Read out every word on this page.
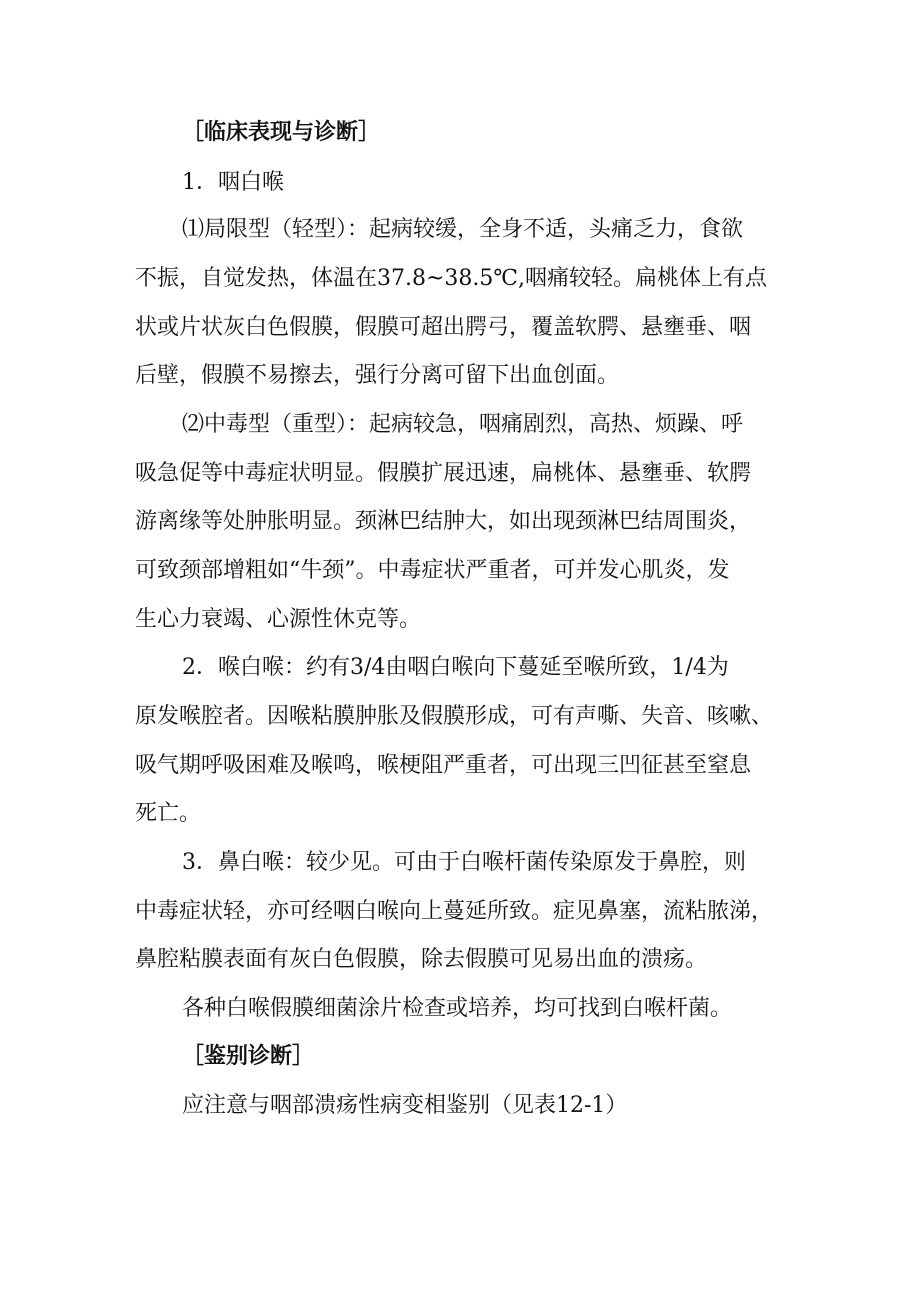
［临床表现与诊断］
1．咽白喉
⑴局限型（轻型）：起病较缓，全身不适，头痛乏力，食欲
不振，自觉发热，体温在37.8~38.5℃,咽痛较轻。扁桃体上有点
状或片状灰白色假膜，假膜可超出腭弓，覆盖软腭、悬壅垂、咽
后壁，假膜不易擦去，强行分离可留下出血创面。
⑵中毒型（重型）：起病较急，咽痛剧烈，高热、烦躁、呼
吸急促等中毒症状明显。假膜扩展迅速，扁桃体、悬壅垂、软腭
游离缘等处肿胀明显。颈淋巴结肿大，如出现颈淋巴结周围炎，
可致颈部增粗如“牛颈”。中毒症状严重者，可并发心肌炎，发
生心力衰竭、心源性休克等。
2．喉白喉：约有3/4由咽白喉向下蔓延至喉所致，1/4为
原发喉腔者。因喉粘膜肿胀及假膜形成，可有声嘶、失音、咳嗽、
吸气期呼吸困难及喉鸣，喉梗阻严重者，可出现三凹征甚至窒息
死亡。
3．鼻白喉：较少见。可由于白喉杆菌传染原发于鼻腔，则
中毒症状轻，亦可经咽白喉向上蔓延所致。症见鼻塞，流粘脓涕，
鼻腔粘膜表面有灰白色假膜，除去假膜可见易出血的溃疡。
各种白喉假膜细菌涂片检查或培养，均可找到白喉杆菌。
［鉴别诊断］
应注意与咽部溃疡性病变相鉴别（见表12-1）
